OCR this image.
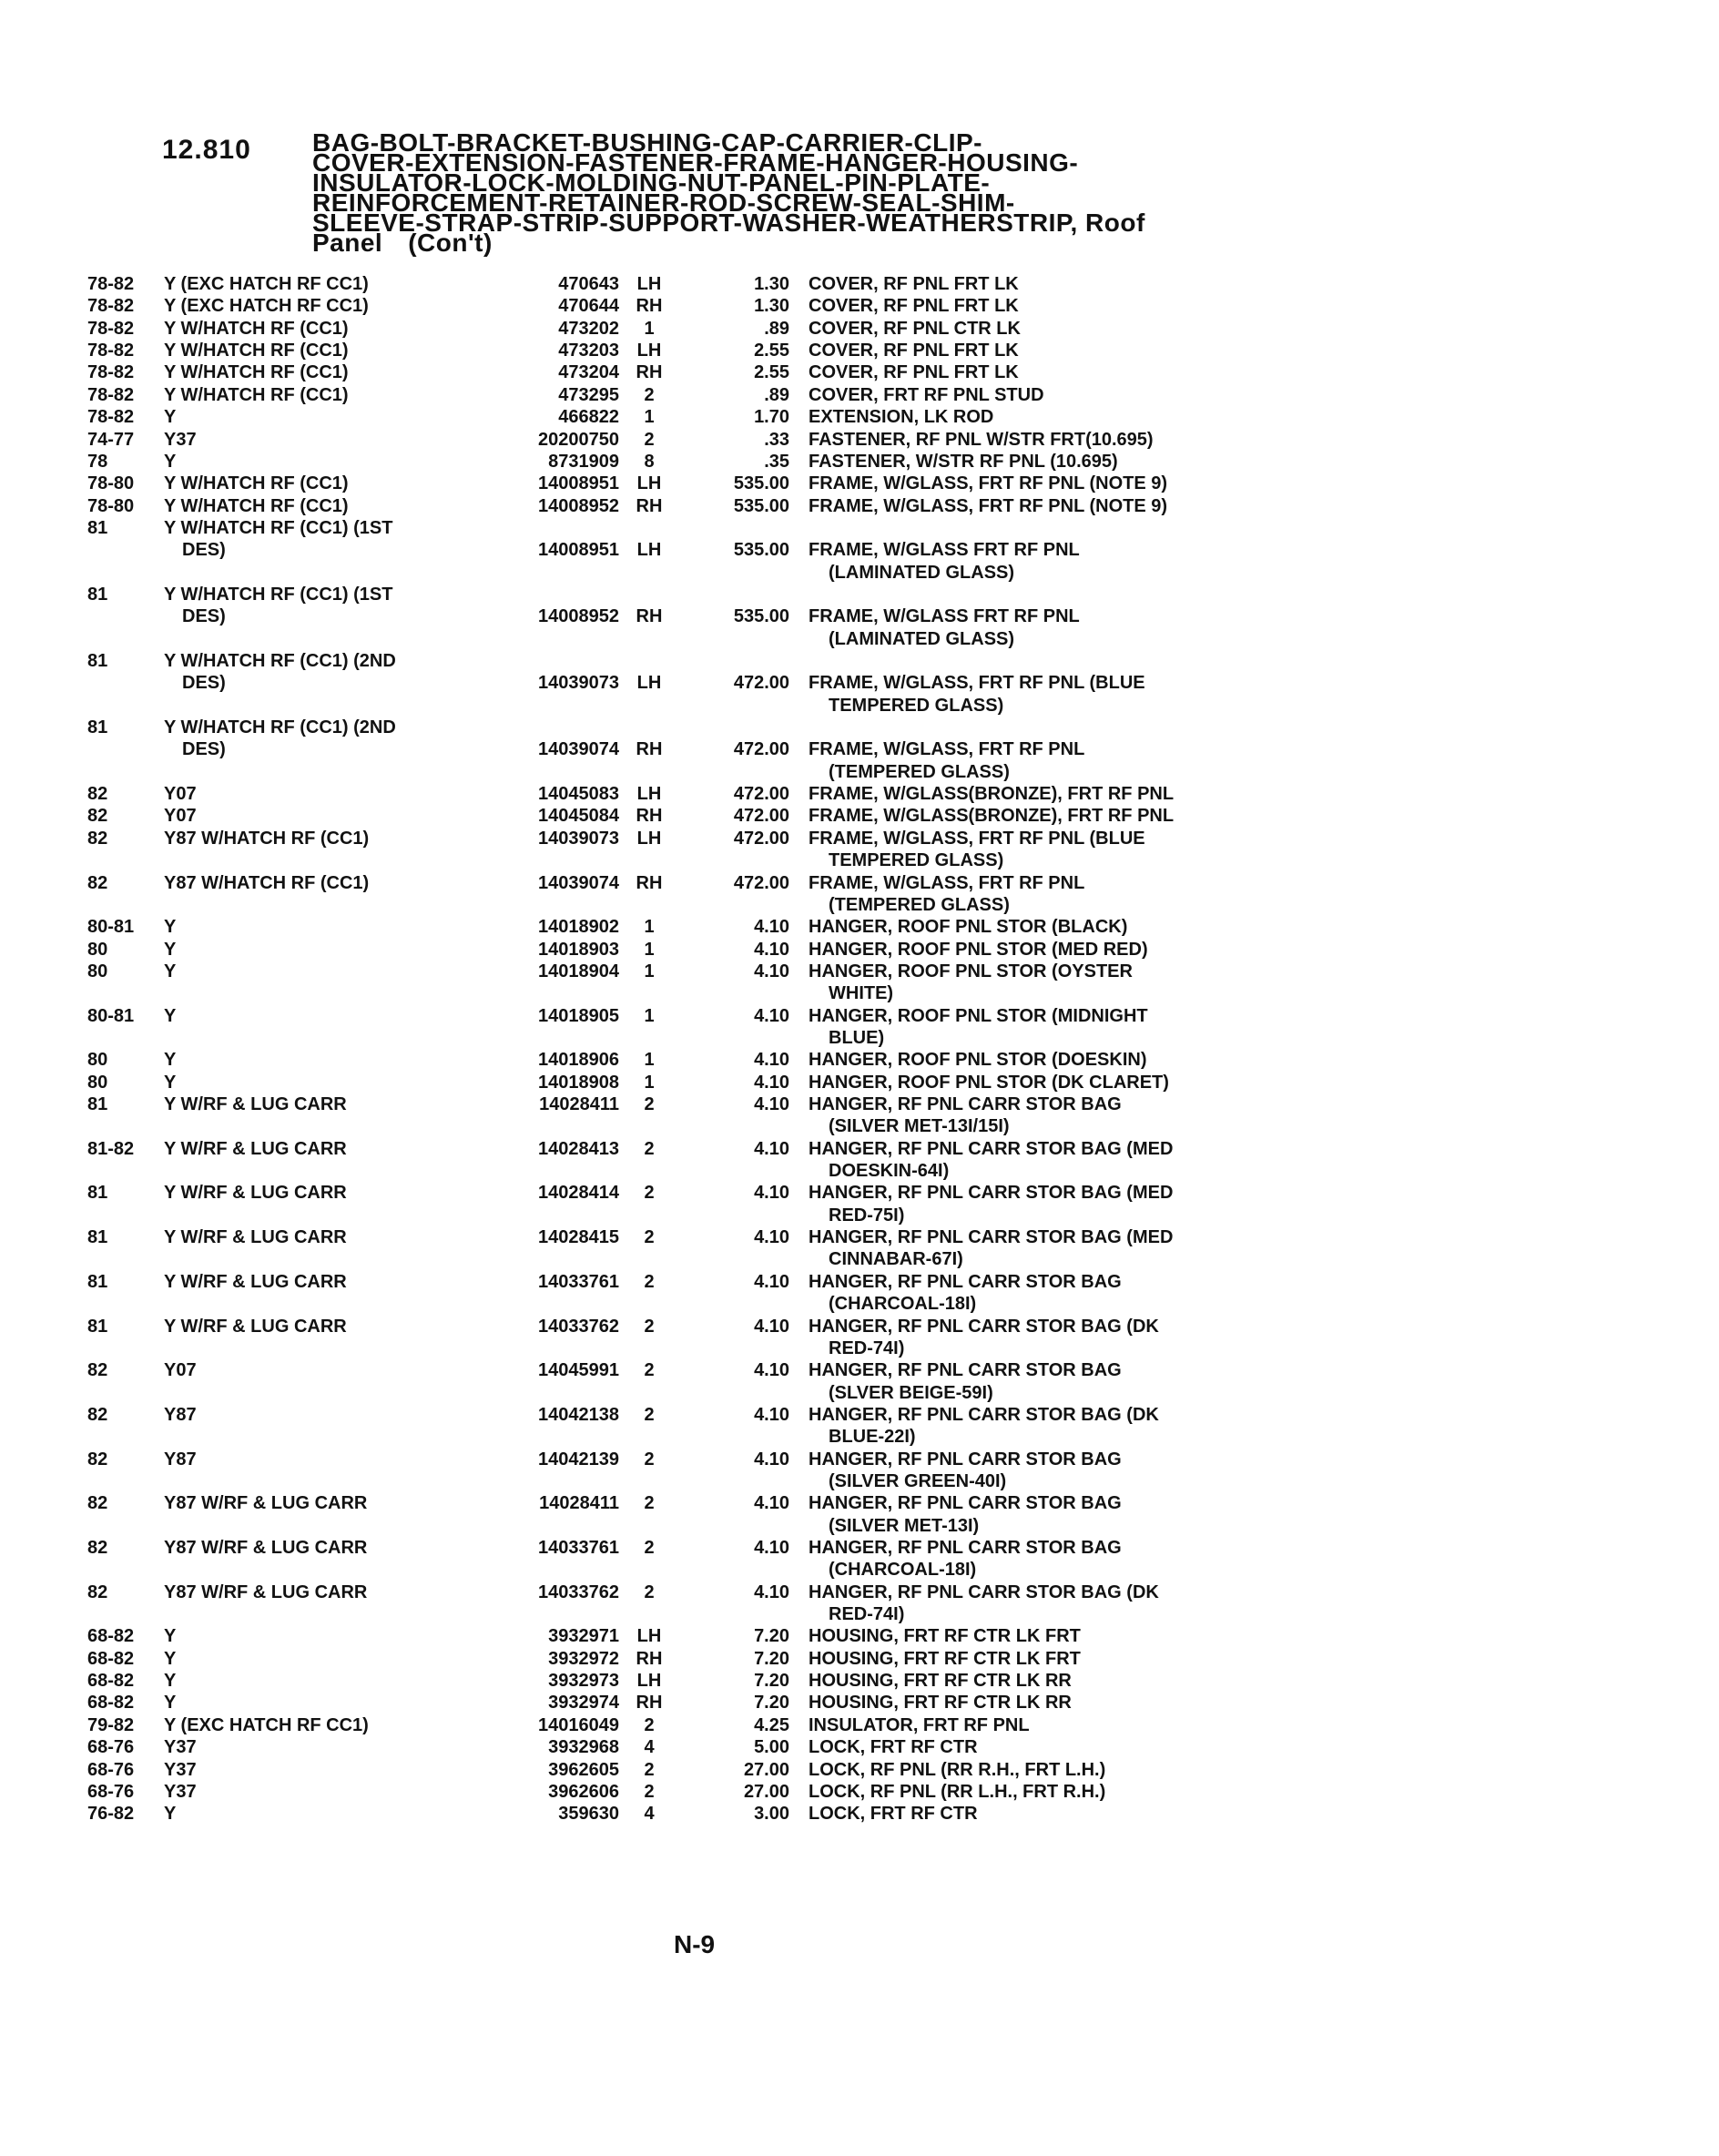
12.810 BAG-BOLT-BRACKET-BUSHING-CAP-CARRIER-CLIP-
COVER-EXTENSION-FASTENER-FRAME-HANGER-HOUSING-
INSULATOR-LOCK-MOLDING-NUT-PANEL-PIN-PLATE-
REINFORCEMENT-RETAINER-ROD-SCREW-SEAL-SHIM-
SLEEVE-STRAP-STRIP-SUPPORT-WASHER-WEATHERSTRIP, Roof
Panel (Con't)
78-82 Y (EXC HATCH RF CC1)	470643 LH	1.30 COVER, RF PNL FRT LK
78-82 Y (EXC HATCH RF CC1)	470644 RH	1.30 COVER, RF PNL FRT LK
78-82 Y W/HATCH RF (CC1)	473202	1	.89 COVER, RF PNL CTR LK
78-82 Y W/HATCH RF (CC1)	473203 LH	2.55 COVER, RF PNL FRT LK
78-82 Y W/HATCH RF (CC1)	473204 RH	2.55 COVER, RF PNL FRT LK
78-82 Y W/HATCH RF (CC1)	473295	2	.89 COVER, FRT RF PNL STUD
78-82 Y	466822	1	1.70 EXTENSION, LK ROD
74-77 Y37	20200750	2	.33 FASTENER, RF PNL W/STR FRT(10.695)
78	Y	8731909	8	.35 FASTENER, W/STR RF PNL (10.695)
78-80 Y W/HATCH RF (CC1)	14008951 LH	535.00 FRAME, W/GLASS, FRT RF PNL (NOTE 9)
78-80 Y W/HATCH RF (CC1)	14008952 RH	535.00 FRAME, W/GLASS, FRT RF PNL (NOTE 9)
81	Y W/HATCH RF (CC1) (1ST
DES)	14008951 LH	535.00 FRAME, W/GLASS FRT RF PNL
(LAMINATED GLASS)
81	Y W/HATCH RF (CC1) (1ST
DES)	14008952 RH	535.00 FRAME, W/GLASS FRT RF PNL
(LAMINATED GLASS)
81	Y W/HATCH RF (CC1) (2ND
DES)	14039073 LH	472.00 FRAME, W/GLASS, FRT RF PNL (BLUE
TEMPERED GLASS)
81	Y W/HATCH RF (CC1) (2ND
DES)	14039074 RH	472.00 FRAME, W/GLASS, FRT RF PNL
(TEMPERED GLASS)
82	Y07	14045083 LH	472.00 FRAME, W/GLASS(BRONZE), FRT RF PNL
82	Y07	14045084 RH	472.00 FRAME, W/GLASS(BRONZE), FRT RF PNL
82	Y87 W/HATCH RF (CC1)	14039073 LH	472.00 FRAME, W/GLASS, FRT RF PNL (BLUE
TEMPERED GLASS)
82	Y87 W/HATCH RF (CC1)	14039074 RH	472.00 FRAME, W/GLASS, FRT RF PNL
(TEMPERED GLASS)
80-81 Y	14018902	1	4.10 HANGER, ROOF PNL STOR (BLACK)
80	Y	14018903	1	4.10 HANGER, ROOF PNL STOR (MED RED)
80	Y	14018904	1	4.10 HANGER, ROOF PNL STOR (OYSTER
WHITE)
80-81 Y	14018905	1	4.10 HANGER, ROOF PNL STOR (MIDNIGHT
BLUE)
80	Y	14018906	1	4.10 HANGER, ROOF PNL STOR (DOESKIN)
80	Y	14018908	1	4.10 HANGER, ROOF PNL STOR (DK CLARET)
81	Y W/RF & LUG CARR	14028411	2	4.10 HANGER, RF PNL CARR STOR BAG
(SILVER MET-13I/15I)
81-82 Y W/RF & LUG CARR	14028413	2	4.10 HANGER, RF PNL CARR STOR BAG (MED
DOESKIN-64I)
81	Y W/RF & LUG CARR	14028414	2	4.10 HANGER, RF PNL CARR STOR BAG (MED
RED-75I)
81	Y W/RF & LUG CARR	14028415	2	4.10 HANGER, RF PNL CARR STOR BAG (MED
CINNABAR-67I)
81	Y W/RF & LUG CARR	14033761	2	4.10 HANGER, RF PNL CARR STOR BAG
(CHARCOAL-18I)
81	Y W/RF & LUG CARR	14033762	2	4.10 HANGER, RF PNL CARR STOR BAG (DK
RED-74I)
82	Y07	14045991	2	4.10 HANGER, RF PNL CARR STOR BAG
(SLVER BEIGE-59I)
82	Y87	14042138	2	4.10 HANGER, RF PNL CARR STOR BAG (DK
BLUE-22I)
82	Y87	14042139	2	4.10 HANGER, RF PNL CARR STOR BAG
(SILVER GREEN-40I)
82	Y87 W/RF & LUG CARR	14028411	2	4.10 HANGER, RF PNL CARR STOR BAG
(SILVER MET-13I)
82	Y87 W/RF & LUG CARR	14033761	2	4.10 HANGER, RF PNL CARR STOR BAG
(CHARCOAL-18I)
82	Y87 W/RF & LUG CARR	14033762	2	4.10 HANGER, RF PNL CARR STOR BAG (DK
RED-74I)
68-82 Y	3932971 LH	7.20 HOUSING, FRT RF CTR LK FRT
68-82 Y	3932972 RH	7.20 HOUSING, FRT RF CTR LK FRT
68-82 Y	3932973 LH	7.20 HOUSING, FRT RF CTR LK RR
68-82 Y	3932974 RH	7.20 HOUSING, FRT RF CTR LK RR
79-82 Y (EXC HATCH RF CC1)	14016049	2	4.25 INSULATOR, FRT RF PNL
68-76 Y37	3932968	4	5.00 LOCK, FRT RF CTR
68-76 Y37	3962605	2	27.00 LOCK, RF PNL (RR R.H., FRT L.H.)
68-76 Y37	3962606	2	27.00 LOCK, RF PNL (RR L.H., FRT R.H.)
76-82 Y	359630	4	3.00 LOCK, FRT RF CTR
N-9
